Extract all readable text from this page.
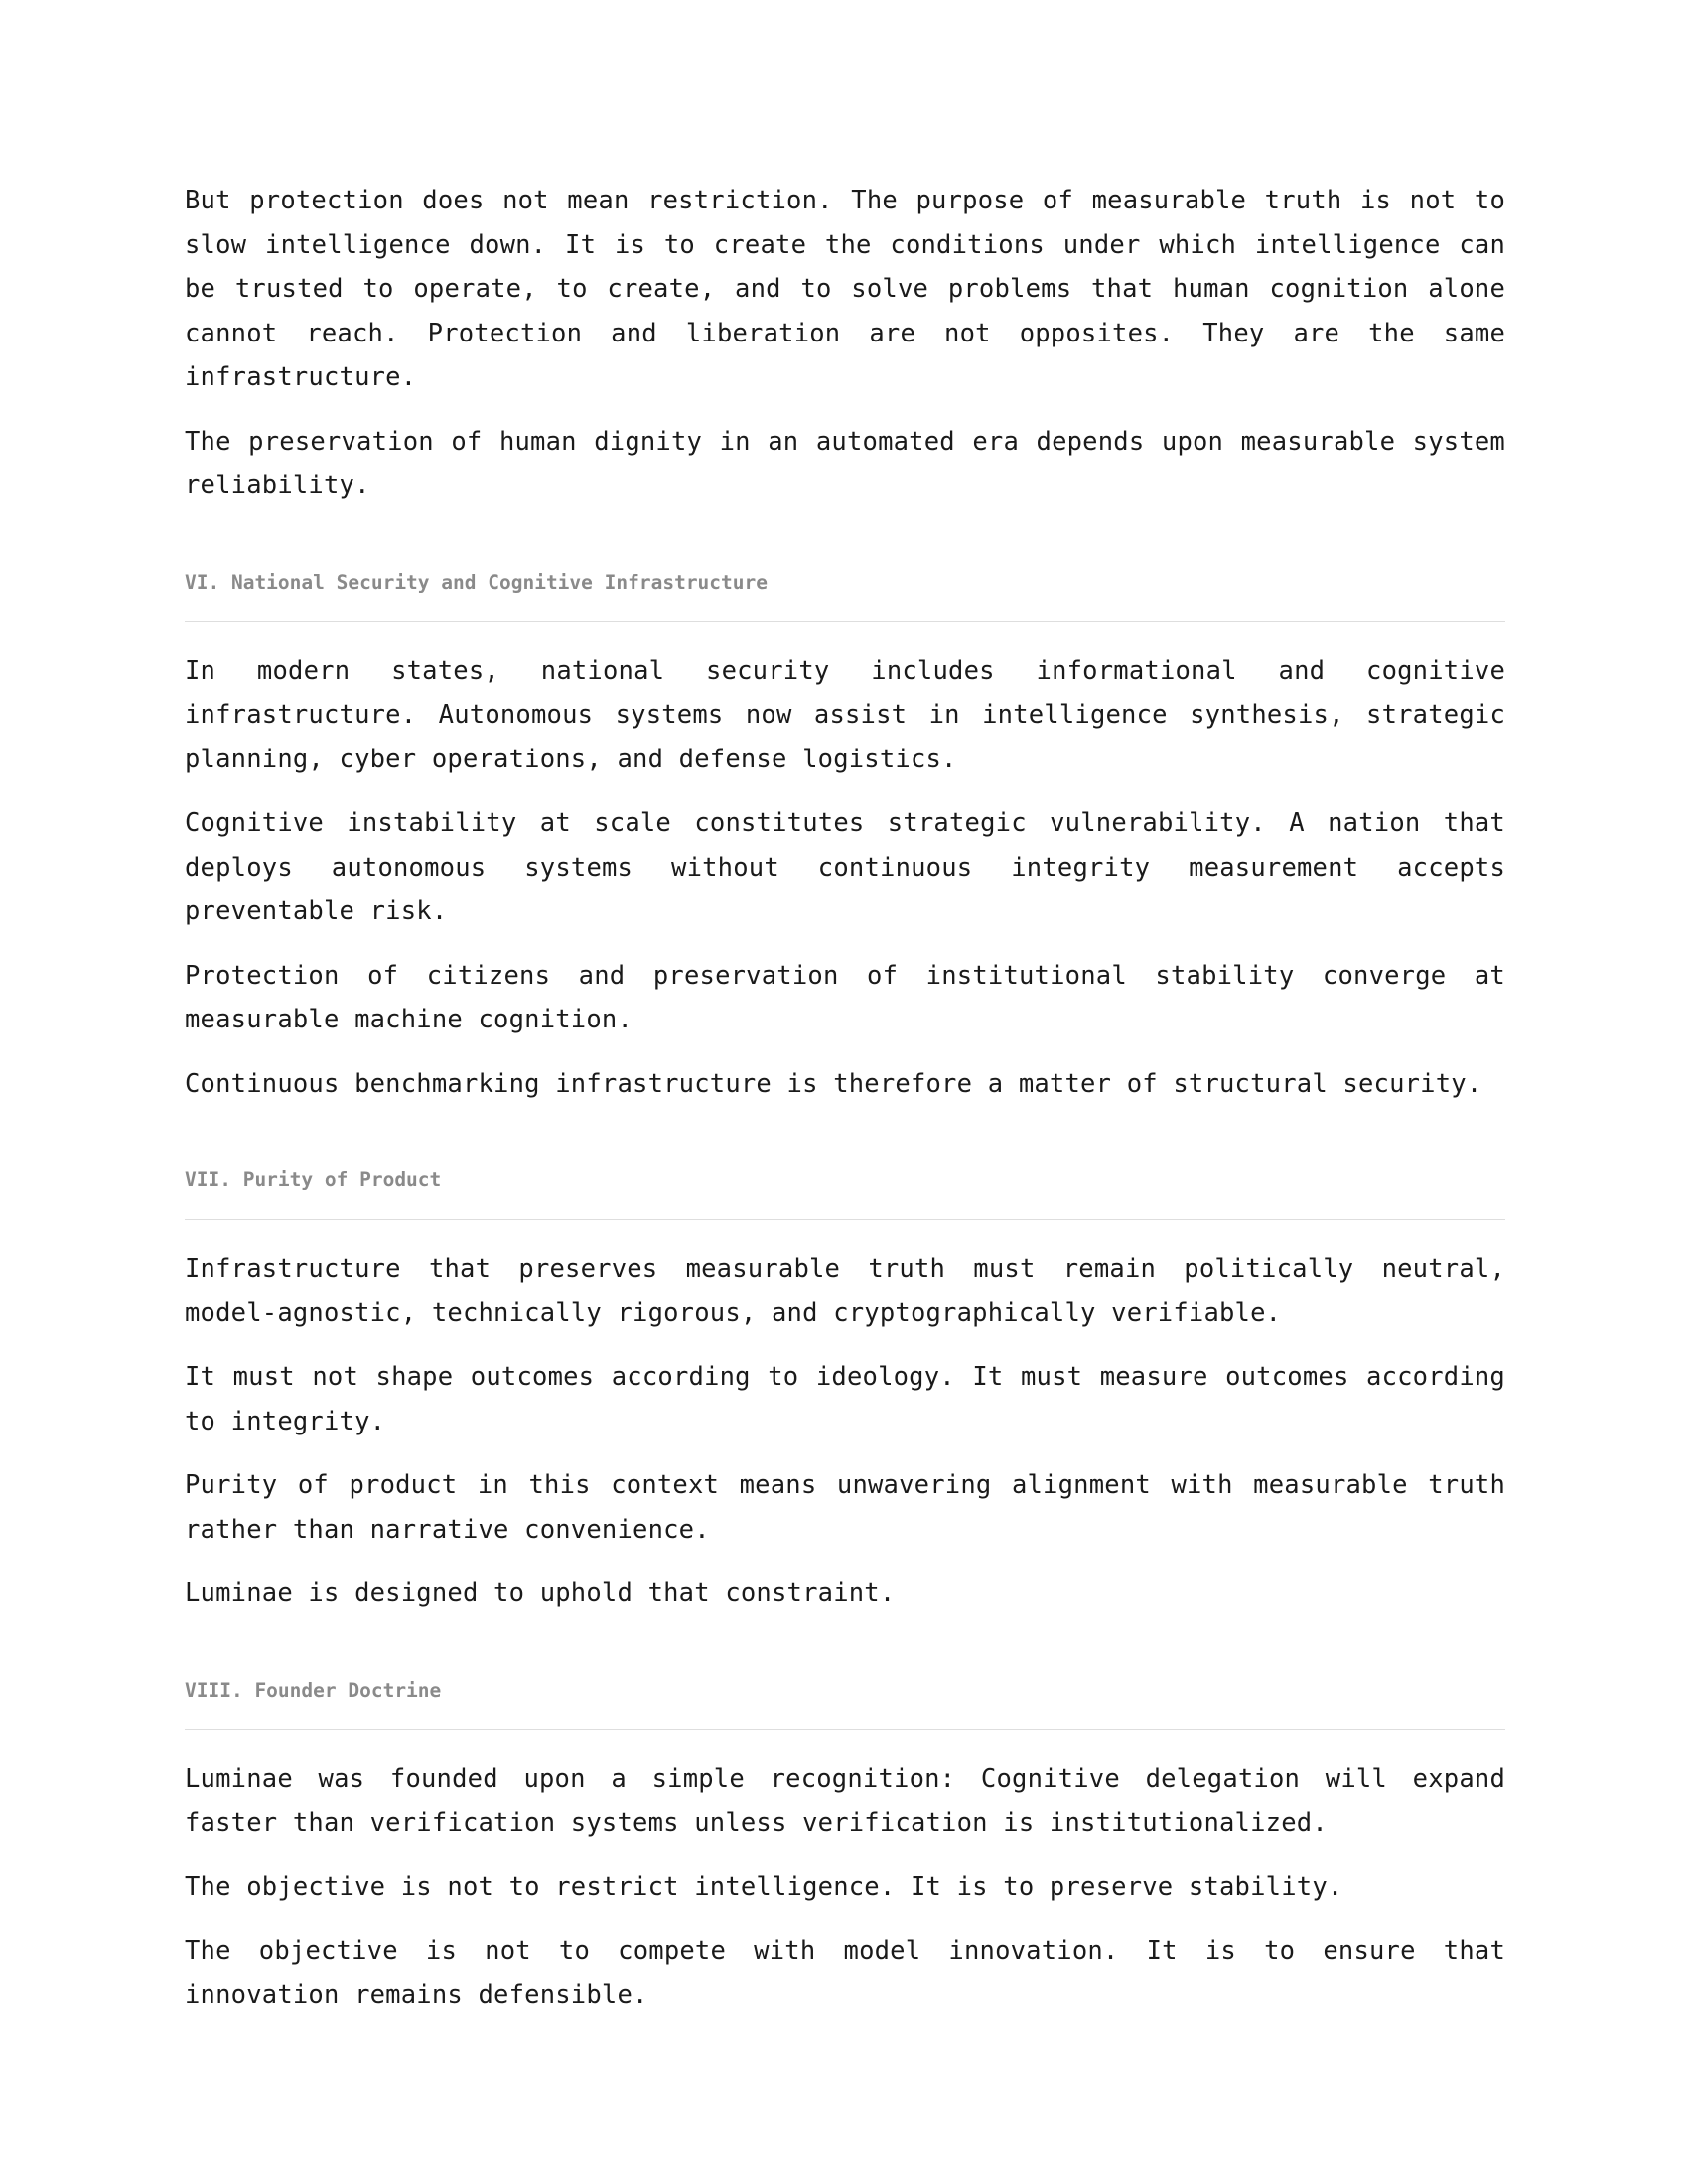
But protection does not mean restriction. The purpose of measurable truth is not to slow intelligence down. It is to create the conditions under which intelligence can be trusted to operate, to create, and to solve problems that human cognition alone cannot reach. Protection and liberation are not opposites. They are the same infrastructure.

The preservation of human dignity in an automated era depends upon measurable system reliability.

VI. National Security and Cognitive Infrastructure

In modern states, national security includes informational and cognitive infrastructure. Autonomous systems now assist in intelligence synthesis, strategic planning, cyber operations, and defense logistics.

Cognitive instability at scale constitutes strategic vulnerability. A nation that deploys autonomous systems without continuous integrity measurement accepts preventable risk.

Protection of citizens and preservation of institutional stability converge at measurable machine cognition.

Continuous benchmarking infrastructure is therefore a matter of structural security.

VII. Purity of Product

Infrastructure that preserves measurable truth must remain politically neutral, model-agnostic, technically rigorous, and cryptographically verifiable.

It must not shape outcomes according to ideology. It must measure outcomes according to integrity.

Purity of product in this context means unwavering alignment with measurable truth rather than narrative convenience.

Luminae is designed to uphold that constraint.

VIII. Founder Doctrine

Luminae was founded upon a simple recognition: Cognitive delegation will expand faster than verification systems unless verification is institutionalized.

The objective is not to restrict intelligence. It is to preserve stability.

The objective is not to compete with model innovation. It is to ensure that innovation remains defensible.
